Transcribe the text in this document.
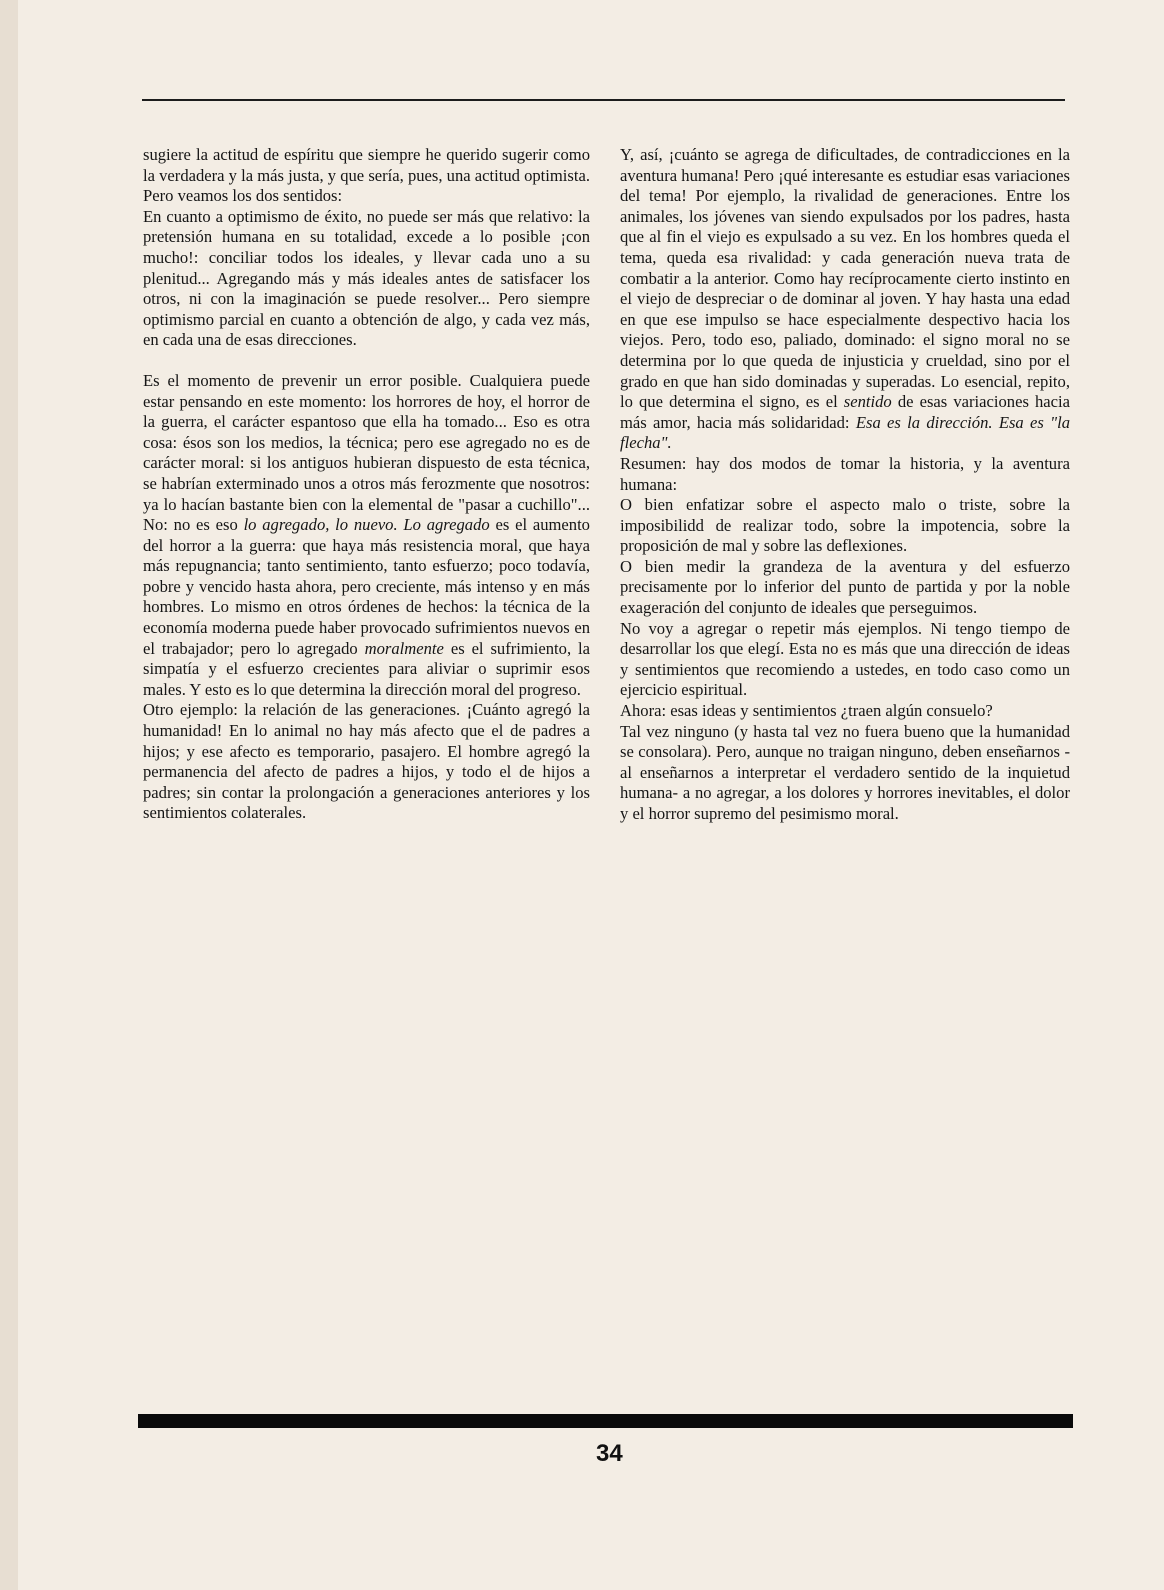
sugiere la actitud de espíritu que siempre he querido sugerir como la verdadera y la más justa, y que sería, pues, una actitud optimista. Pero veamos los dos sentidos:

En cuanto a optimismo de éxito, no puede ser más que relativo: la pretensión humana en su totalidad, excede a lo posible ¡con mucho!: conciliar todos los ideales, y llevar cada uno a su plenitud... Agregando más y más ideales antes de satisfacer los otros, ni con la imaginación se puede resolver... Pero siempre optimismo parcial en cuanto a obtención de algo, y cada vez más, en cada una de esas direcciones.

Es el momento de prevenir un error posible. Cualquiera puede estar pensando en este momento: los horrores de hoy, el horror de la guerra, el carácter espantoso que ella ha tomado... Eso es otra cosa: ésos son los medios, la técnica; pero ese agregado no es de carácter moral: si los antiguos hubieran dispuesto de esta técnica, se habrían exterminado unos a otros más ferozmente que nosotros: ya lo hacían bastante bien con la elemental de "pasar a cuchillo"... No: no es eso lo agregado, lo nuevo. Lo agregado es el aumento del horror a la guerra: que haya más resistencia moral, que haya más repugnancia; tanto sentimiento, tanto esfuerzo; poco todavía, pobre y vencido hasta ahora, pero creciente, más intenso y en más hombres. Lo mismo en otros órdenes de hechos: la técnica de la economía moderna puede haber provocado sufrimientos nuevos en el trabajador; pero lo agregado moralmente es el sufrimiento, la simpatía y el esfuerzo crecientes para aliviar o suprimir esos males. Y esto es lo que determina la dirección moral del progreso.

Otro ejemplo: la relación de las generaciones. ¡Cuánto agregó la humanidad! En lo animal no hay más afecto que el de padres a hijos; y ese afecto es temporario, pasajero. El hombre agregó la permanencia del afecto de padres a hijos, y todo el de hijos a padres; sin contar la prolongación a generaciones anteriores y los sentimientos colaterales.

Y, así, ¡cuánto se agrega de dificultades, de contradicciones en la aventura humana! Pero ¡qué interesante es estudiar esas variaciones del tema! Por ejemplo, la rivalidad de generaciones. Entre los animales, los jóvenes van siendo expulsados por los padres, hasta que al fin el viejo es expulsado a su vez. En los hombres queda el tema, queda esa rivalidad: y cada generación nueva trata de combatir a la anterior. Como hay recíprocamente cierto instinto en el viejo de despreciar o de dominar al joven. Y hay hasta una edad en que ese impulso se hace especialmente despectivo hacia los viejos. Pero, todo eso, paliado, dominado: el signo moral no se determina por lo que queda de injusticia y crueldad, sino por el grado en que han sido dominadas y superadas. Lo esencial, repito, lo que determina el signo, es el sentido de esas variaciones hacia más amor, hacia más solidaridad: Esa es la dirección. Esa es "la flecha".

Resumen: hay dos modos de tomar la historia, y la aventura humana:

O bien enfatizar sobre el aspecto malo o triste, sobre la imposibilidd de realizar todo, sobre la impotencia, sobre la proposición de mal y sobre las deflexiones.

O bien medir la grandeza de la aventura y del esfuerzo precisamente por lo inferior del punto de partida y por la noble exageración del conjunto de ideales que perseguimos.

No voy a agregar o repetir más ejemplos. Ni tengo tiempo de desarrollar los que elegí. Esta no es más que una dirección de ideas y sentimientos que recomiendo a ustedes, en todo caso como un ejercicio espiritual.

Ahora: esas ideas y sentimientos ¿traen algún consuelo?

Tal vez ninguno (y hasta tal vez no fuera bueno que la humanidad se consolara). Pero, aunque no traigan ninguno, deben enseñarnos -al enseñarnos a interpretar el verdadero sentido de la inquietud humana- a no agregar, a los dolores y horrores inevitables, el dolor y el horror supremo del pesimismo moral.

34
